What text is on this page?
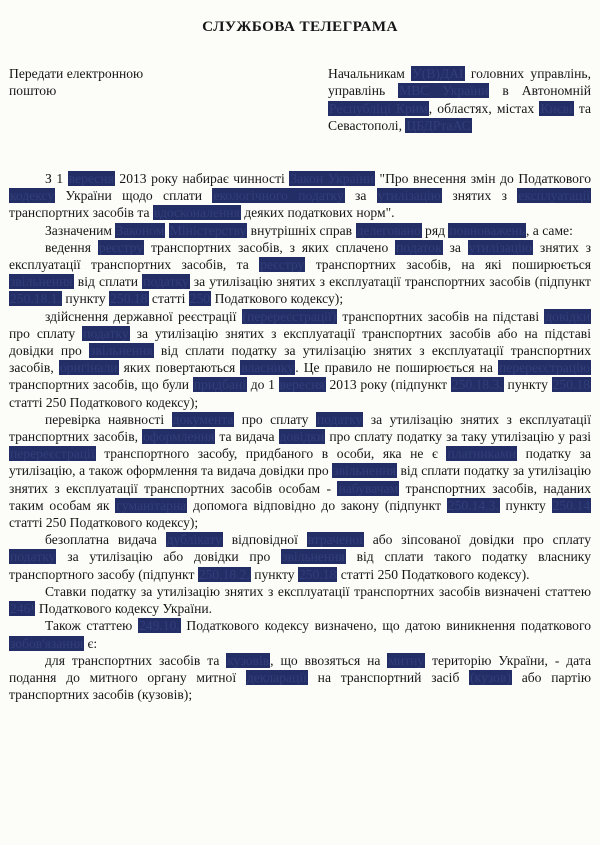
СЛУЖБОВА ТЕЛЕГРАМА
Передати електронною поштою
Начальникам У(В)ДАІ головних управлінь, управлінь МВС України в Автономній Республіці Крим, областях, містах Києві та Севастополі, ЦБДРтаАС

З 1 вересня 2013 року набирає чинності Закон України "Про внесення змін до Податкового кодексу України щодо сплати екологічного податку за утилізацію знятих з експлуатації транспортних засобів та вдосконалення деяких податкових норм".

Зазначеним Законом Міністерству внутрішніх справ делеговано ряд повноважень, а саме:

ведення реєстру транспортних засобів, з яких сплачено податок за утилізацію знятих з експлуатації транспортних засобів, та реєстру транспортних засобів, на які поширюється звільнення від сплати податку за утилізацію знятих з експлуатації транспортних засобів (підпункт 250.18.1. пункту 250.18 статті 250 Податкового кодексу);

здійснення державної реєстрації (перереєстрації) транспортних засобів на підставі довідки про сплату податку за утилізацію знятих з експлуатації транспортних засобів або на підставі довідки про звільнення від сплати податку за утилізацію знятих з експлуатації транспортних засобів, оригінали яких повертаються власнику. Це правило не поширюється на перереєстрацію транспортних засобів, що були придбані до 1 вересня 2013 року (підпункт 250.18.3. пункту 250.18 статті 250 Податкового кодексу);

перевірка наявності документа про сплату податку за утилізацію знятих з експлуатації транспортних засобів, оформлення та видача довідки про сплату податку за таку утилізацію у разі перереєстрації транспортного засобу, придбаного в особи, яка не є платниками податку за утилізацію, а також оформлення та видача довідки про звільнення від сплати податку за утилізацію знятих з експлуатації транспортних засобів особам - набувачам транспортних засобів, наданих таким особам як гуманітарна допомога відповідно до закону (підпункт 250.14.3. пункту 250.14 статті 250 Податкового кодексу);

безоплатна видача дублікату відповідної втраченої або зіпсованої довідки про сплату податку за утилізацію або довідки про звільнення від сплати такого податку власнику транспортного засобу (підпункт 250.18.2. пункту 250.18 статті 250 Податкового кодексу).

Ставки податку за утилізацію знятих з експлуатації транспортних засобів визначені статтею 246¹ Податкового кодексу України.

Також статтею 249.10. Податкового кодексу визначено, що датою виникнення податкового зобов'язання є:

для транспортних засобів та кузовів, що ввозяться на митну територію України, - дата подання до митного органу митної декларації на транспортний засіб (кузов) або партію транспортних засобів (кузовів);
